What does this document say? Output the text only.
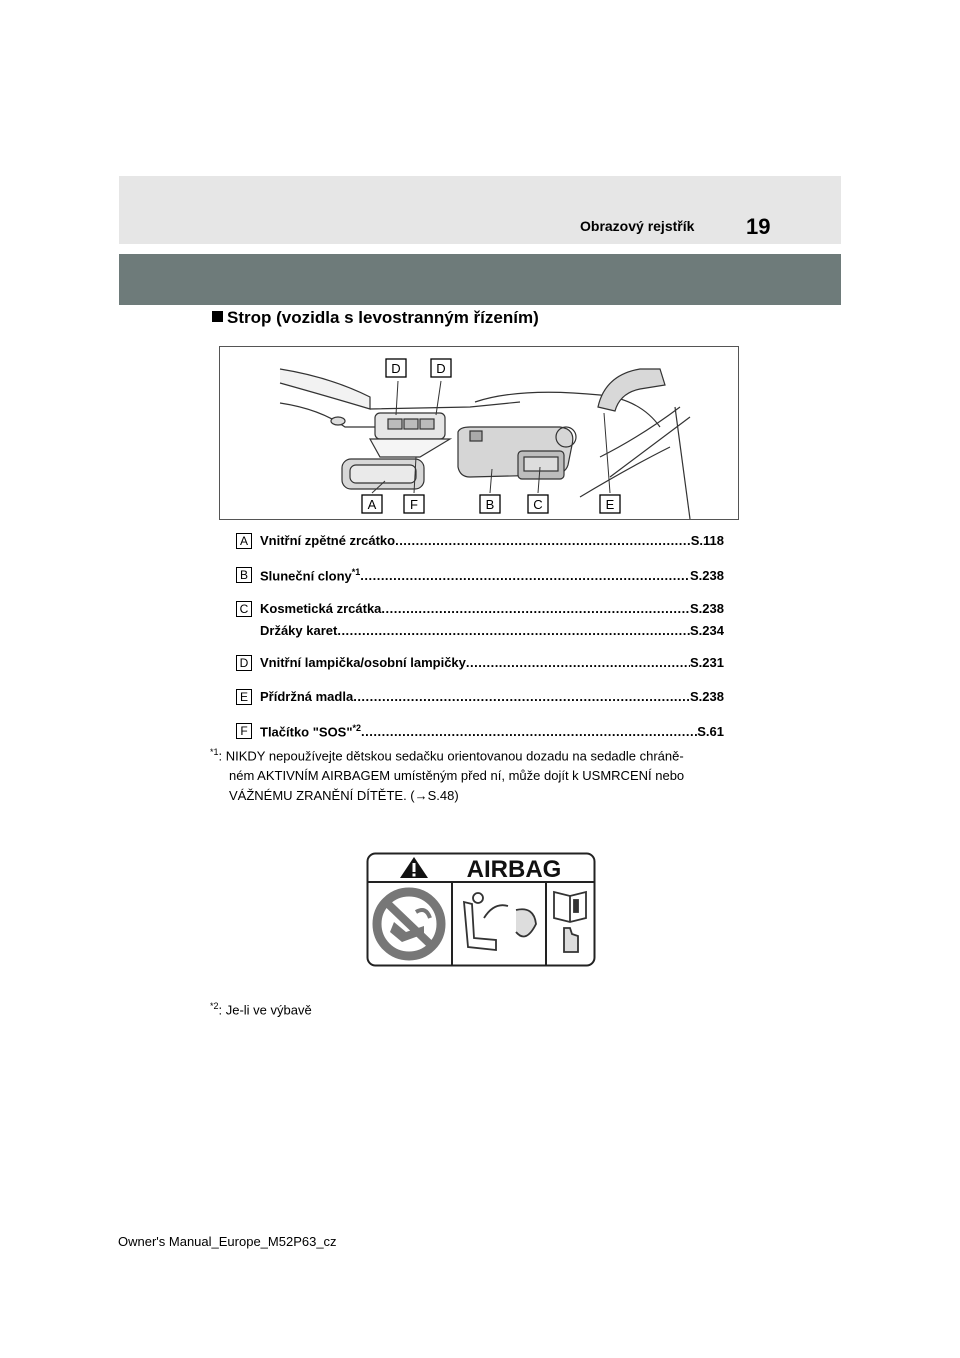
Obrazový rejstřík 19
Strop (vozidla s levostranným řízením)
D	D
A	F	B	C	E
A Vnitřní zpětné zrcátko .....	S.118
B Sluneční clony$^{*1}$ .....	S.238
C Kosmetická zrcátka .....	S.238
Držáky karet .....	S.234
D Vnitřní lampička/osobní lampičky .....	S.231
E Přídržná madla .....	S.238
F Tlačítko "SOS"$^{*2}$ .....	S.61
$^{*1}$: NIKDY nepoužívejte dětskou sedačku orientovanou dozadu na sedadle chráně-
ném AKTIVNÍM AIRBAGEM umístěným před ní, může dojít k USMRCENÍ nebo
VÁŽNÉMU ZRANĚNÍ DÍTĚTE. (→S.48)
AIRBAG
$^{*2}$: Je-li ve výbavě
Owner's Manual_Europe_M52P63_cz
